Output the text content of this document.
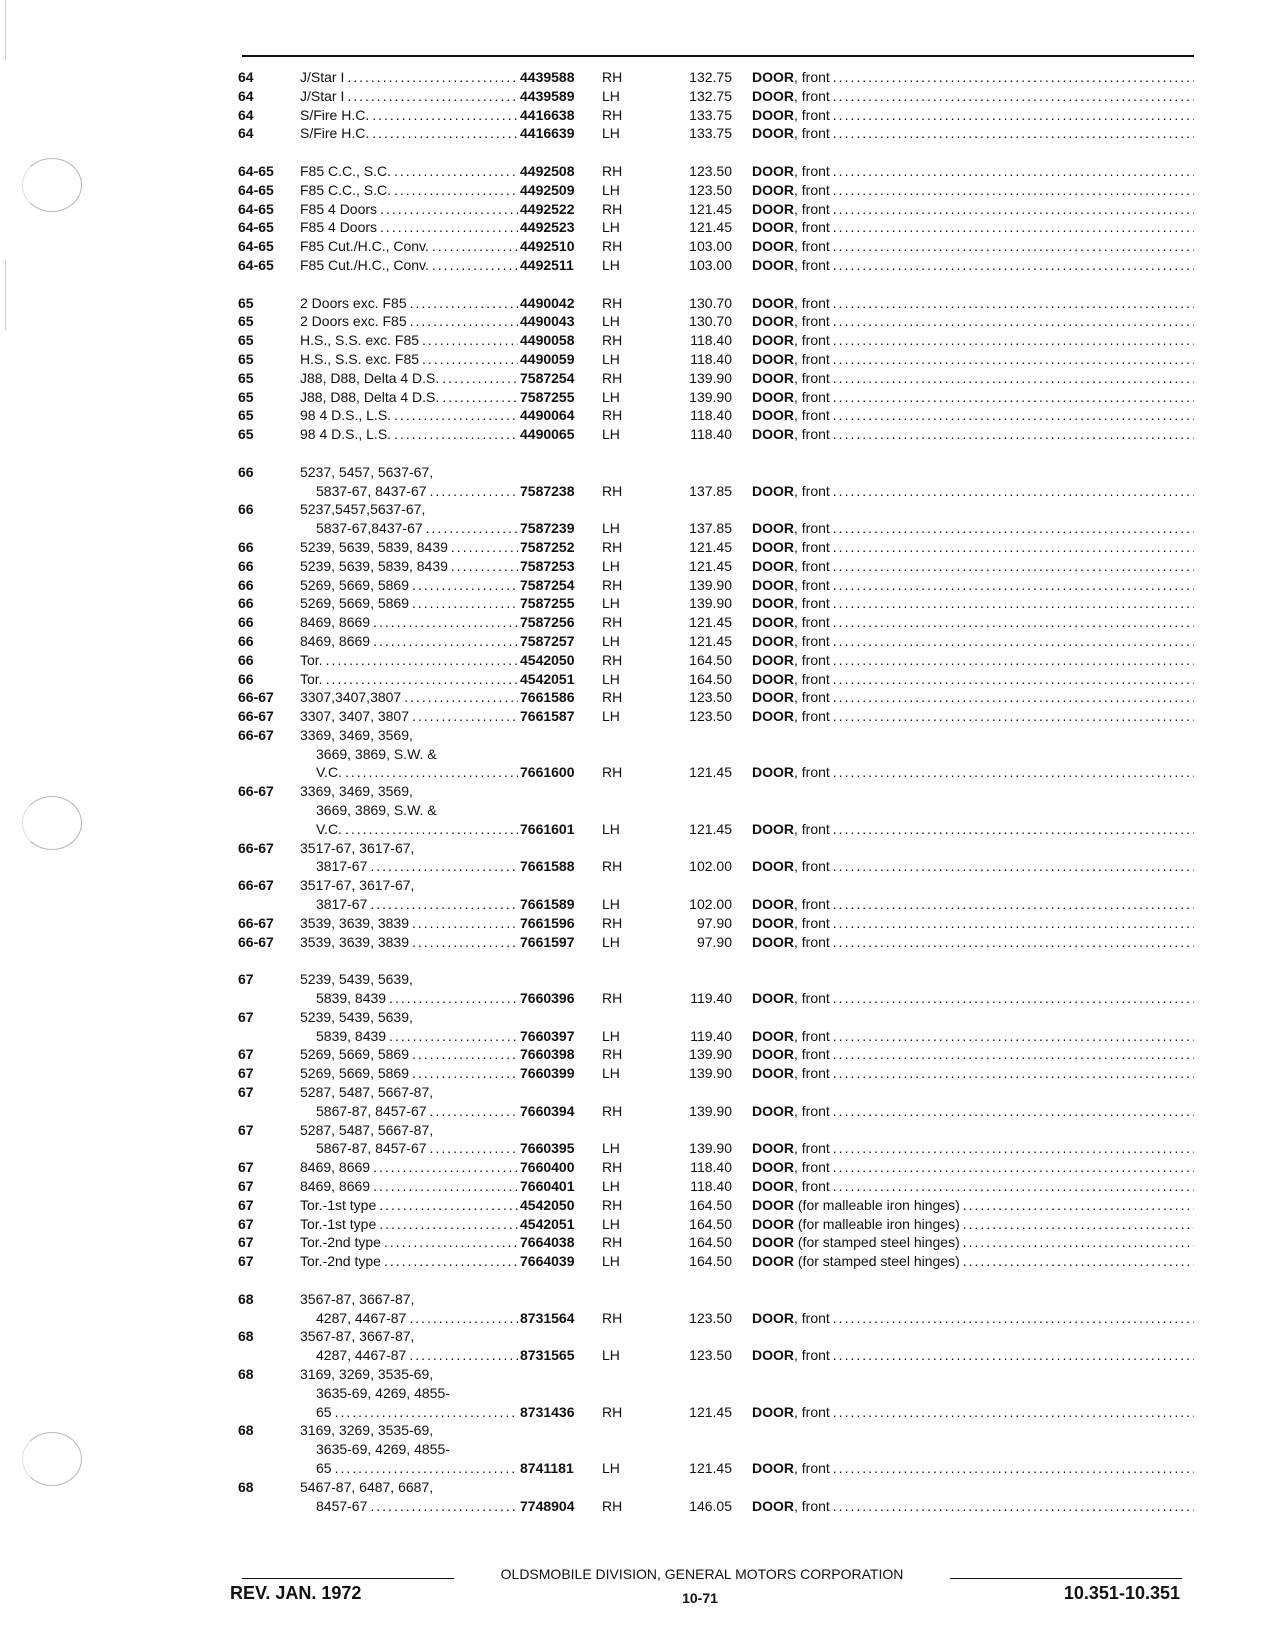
64	J/Star I .....	4439588 RH	132.75 DOOR, front
.....
64	J/Star I .....	4439589 LH	132.75 DOOR, front
.....
64	S/Fire H.C. .....	4416638 RH	133.75 DOOR, front
.....
64	S/Fire H.C. .....	4416639 LH	133.75 DOOR, front
.....
64-65 F85 C.C., S.C. .....	4492508 RH	123.50 DOOR, front
.....
64-65 F85 C.C., S.C. .....	4492509 LH	123.50 DOOR, front
.....
64-65 F85 4 Doors .....	4492522 RH	121.45 DOOR, front
.....
64-65 F85 4 Doors .....	4492523 LH	121.45 DOOR, front
.....
64-65 F85 Cut./H.C., Conv. .....	4492510 RH	103.00 DOOR, front
.....
64-65 F85 Cut./H.C., Conv. .....	4492511 LH	103.00 DOOR, front
.....
65	2 Doors exc. F85 .....	4490042 RH	130.70 DOOR, front
.....
65	2 Doors exc. F85 .....	4490043 LH	130.70 DOOR, front
.....
65	H.S., S.S. exc. F85 .....	4490058 RH	118.40 DOOR, front
.....
65	H.S., S.S. exc. F85 .....	4490059 LH	118.40 DOOR, front
.....
65	J88, D88, Delta 4 D.S. .....	7587254 RH	139.90 DOOR, front
.....
65	J88, D88, Delta 4 D.S. .....	7587255 LH	139.90 DOOR, front
.....
65	98 4 D.S., L.S. .....	4490064 RH	118.40 DOOR, front
.....
65	98 4 D.S., L.S. .....	4490065 LH	118.40 DOOR, front
.....
66	5237, 5457, 5637-67,
5837-67, 8437-67 .....	7587238 RH	137.85 DOOR, front
.....
66	5237,5457,5637-67,
5837-67,8437-67 .....	7587239 LH	137.85 DOOR, front
.....
66	5239, 5639, 5839, 8439 .....	7587252 RH	121.45 DOOR, front
.....
66	5239, 5639, 5839, 8439 .....	7587253 LH	121.45 DOOR, front
.....
66	5269, 5669, 5869 .....	7587254 RH	139.90 DOOR, front
.....
66	5269, 5669, 5869 .....	7587255 LH	139.90 DOOR, front
.....
66	8469, 8669 .....	7587256 RH	121.45 DOOR, front
.....
66	8469, 8669 .....	7587257 LH	121.45 DOOR, front
.....
66	Tor. .....	4542050 RH	164.50 DOOR, front
.....
66	Tor. .....	4542051 LH	164.50 DOOR, front
.....
66-67 3307,3407,3807 .....	7661586 RH	123.50 DOOR, front
.....
66-67 3307, 3407, 3807 .....	7661587 LH	123.50 DOOR, front
.....
66-67 3369, 3469, 3569,
3669, 3869, S.W. &
V.C. .....	7661600 RH	121.45 DOOR, front
.....
66-67 3369, 3469, 3569,
3669, 3869, S.W. &
V.C. .....	7661601 LH	121.45 DOOR, front
.....
66-67 3517-67, 3617-67,
3817-67 .....	7661588 RH	102.00 DOOR, front
.....
66-67 3517-67, 3617-67,
3817-67 .....	7661589 LH	102.00 DOOR, front
.....
66-67 3539, 3639, 3839 .....	7661596 RH	97.90 DOOR, front
.....
66-67 3539, 3639, 3839 .....	7661597 LH	97.90 DOOR, front
.....
67	5239, 5439, 5639,
5839, 8439 .....	7660396 RH	119.40 DOOR, front
.....
67	5239, 5439, 5639,
5839, 8439 .....	7660397 LH	119.40 DOOR, front
.....
67	5269, 5669, 5869 .....	7660398 RH	139.90 DOOR, front
.....
67	5269, 5669, 5869 .....	7660399 LH	139.90 DOOR, front
.....
67	5287, 5487, 5667-87,
5867-87, 8457-67 .....	7660394 RH	139.90 DOOR, front
.....
67	5287, 5487, 5667-87,
5867-87, 8457-67 .....	7660395 LH	139.90 DOOR, front
.....
67	8469, 8669 .....	7660400 RH	118.40 DOOR, front
.....
67	8469, 8669 .....	7660401 LH	118.40 DOOR, front
.....
67	Tor.-1st type .....	4542050 RH	164.50 DOOR (for malleable iron hinges)
.....
67	Tor.-1st type .....	4542051 LH	164.50 DOOR (for malleable iron hinges)
.....
67	Tor.-2nd type .....	7664038 RH	164.50 DOOR (for stamped steel hinges)
.....
67	Tor.-2nd type .....	7664039 LH	164.50 DOOR (for stamped steel hinges)
.....
68	3567-87, 3667-87,
4287, 4467-87 .....	8731564 RH	123.50 DOOR, front
.....
68	3567-87, 3667-87,
4287, 4467-87 .....	8731565 LH	123.50 DOOR, front
.....
68	3169, 3269, 3535-69,
3635-69, 4269, 4855-
65 .....	8731436 RH	121.45 DOOR, front
.....
68	3169, 3269, 3535-69,
3635-69, 4269, 4855-
65 .....	8741181 LH	121.45 DOOR, front
.....
68	5467-87, 6487, 6687,
8457-67 .....	7748904 RH	146.05 DOOR, front
.....
OLDSMOBILE DIVISION, GENERAL MOTORS CORPORATION
REV. JAN. 1972	10-71	10.351-10.351
